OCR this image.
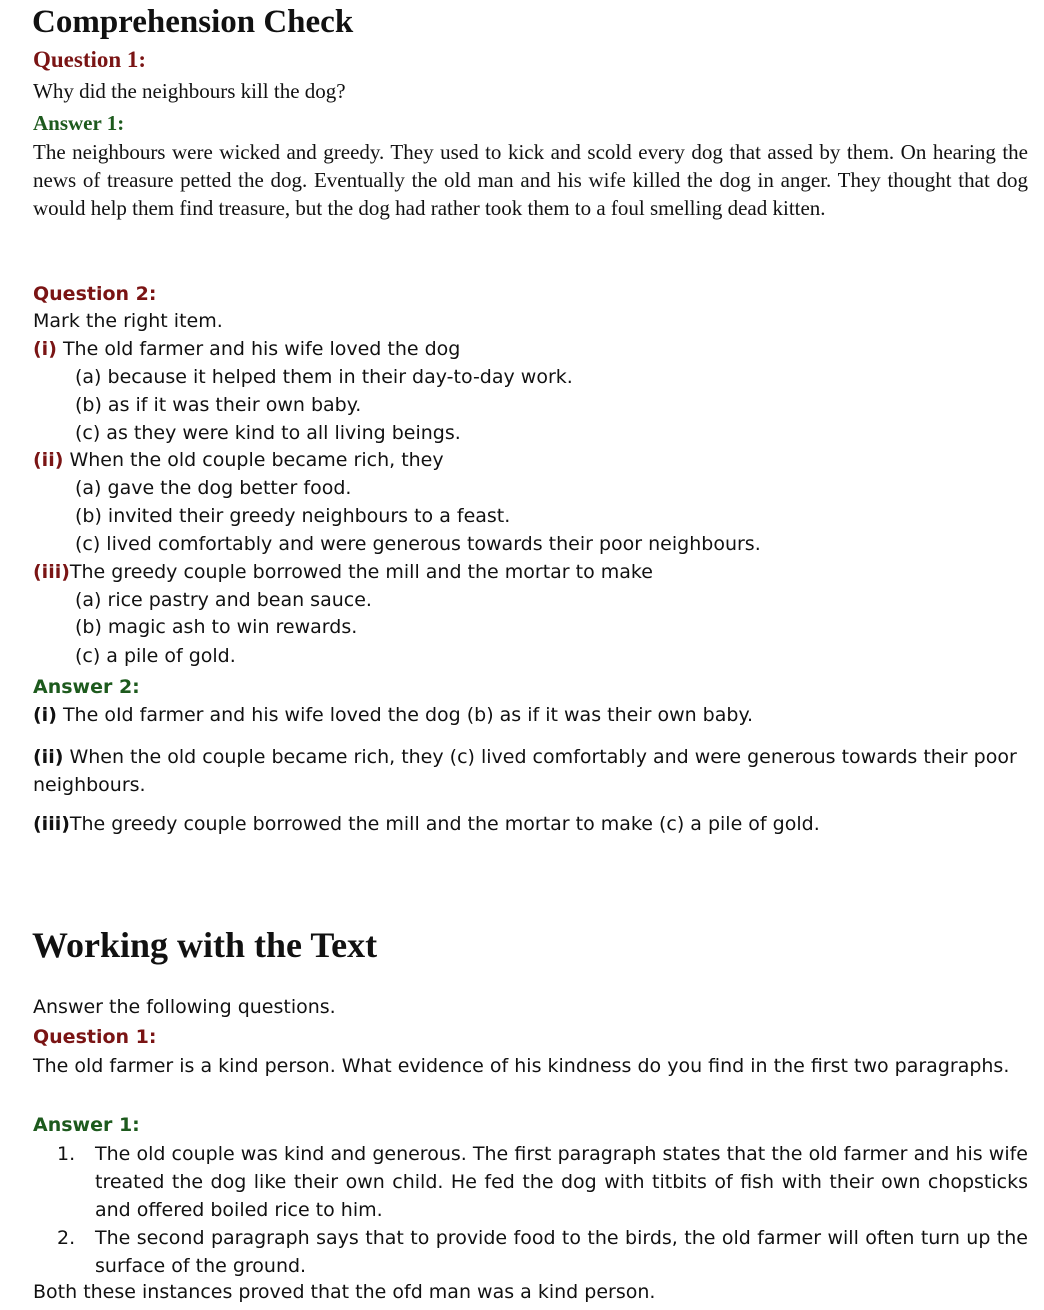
Comprehension Check

Question 1:

Why did the neighbours kill the dog?

Answer 1:

The neighbours were wicked and greedy. They used to kick and scold every dog that assed by them. On hearing the news of treasure petted the dog. Eventually the old man and his wife killed the dog in anger. They thought that dog would help them find treasure, but the dog had rather took them to a foul smelling dead kitten.

Question 2:

Mark the right item.

(i) The old farmer and his wife loved the dog

(a) because it helped them in their day-to-day work.

(b) as if it was their own baby.

(c) as they were kind to all living beings.

(ii) When the old couple became rich, they

(a) gave the dog better food.

(b) invited their greedy neighbours to a feast.

(c) lived comfortably and were generous towards their poor neighbours.

(iii)The greedy couple borrowed the mill and the mortar to make

(a) rice pastry and bean sauce.

(b) magic ash to win rewards.

(c) a pile of gold.

Answer 2:

(i) The oId farmer and his wife loved the dog (b) as if it was their own baby.

(ii) When the old couple became rich, they (c) lived comfortably and were generous towards their poor neighbours.

(iii)The greedy couple borrowed the mill and the mortar to make (c) a pile of gold.

Working with the Text

Answer the following questions.

Question 1:

The old farmer is a kind person. What evidence of his kindness do you find in the first two paragraphs.

Answer 1:

1. The old couple was kind and generous. The first paragraph states that the old farmer and his wife treated the dog like their own child. He fed the dog with titbits of fish with their own chopsticks and offered boiled rice to him.
2. The second paragraph says that to provide food to the birds, the old farmer will often turn up the surface of the ground.

Both these instances proved that the ofd man was a kind person.
